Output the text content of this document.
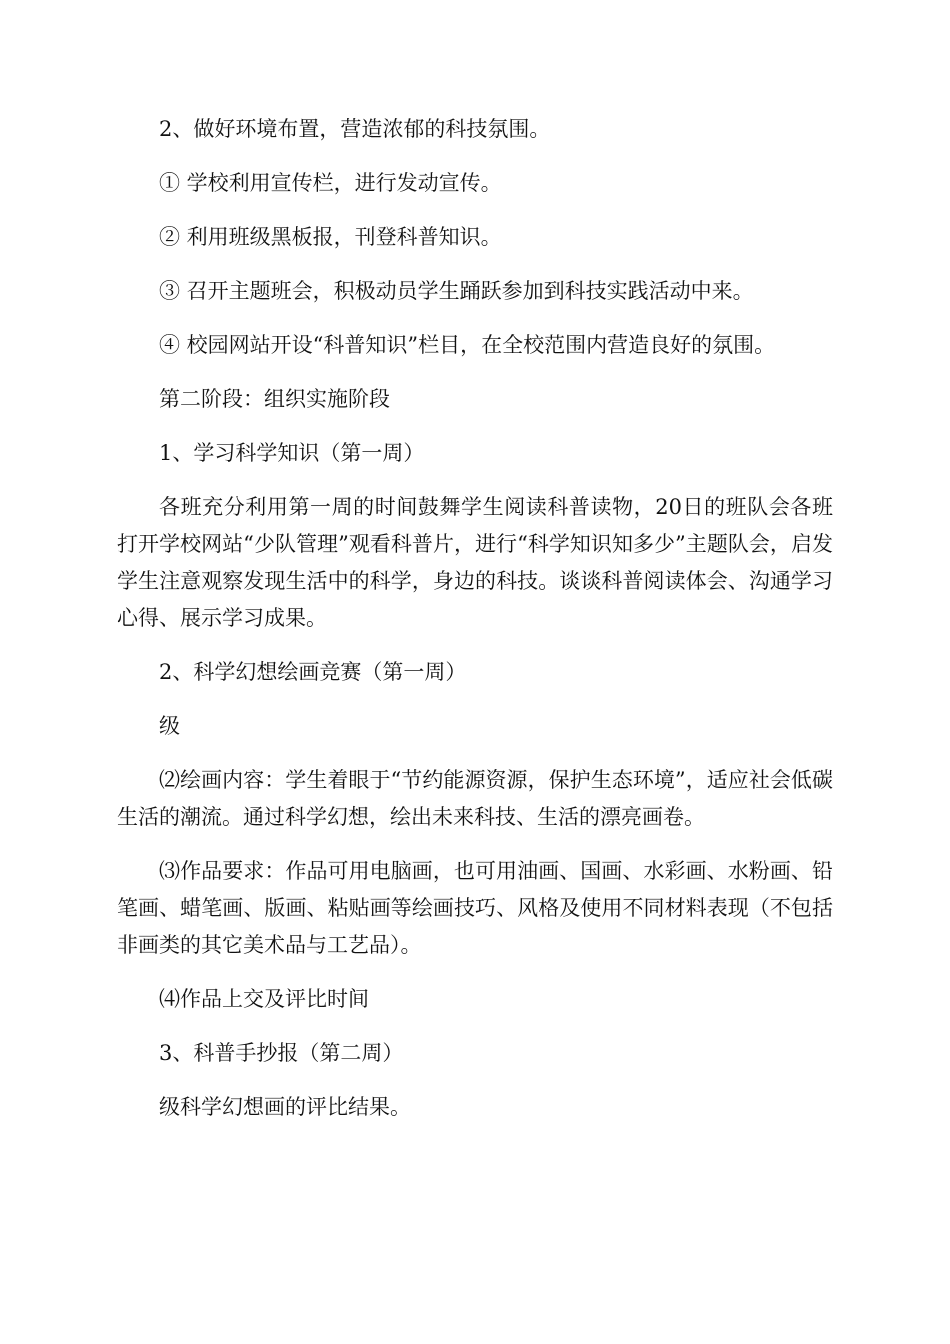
2、做好环境布置，营造浓郁的科技氛围。

① 学校利用宣传栏，进行发动宣传。

② 利用班级黑板报，刊登科普知识。

③ 召开主题班会，积极动员学生踊跃参加到科技实践活动中来。

④ 校园网站开设“科普知识”栏目，在全校范围内营造良好的氛围。

第二阶段：组织实施阶段

1、学习科学知识（第一周）

各班充分利用第一周的时间鼓舞学生阅读科普读物，20日的班队会各班打开学校网站“少队管理”观看科普片，进行“科学知识知多少”主题队会，启发学生注意观察发现生活中的科学，身边的科技。谈谈科普阅读体会、沟通学习心得、展示学习成果。

2、科学幻想绘画竞赛（第一周）

级

⑵绘画内容：学生着眼于“节约能源资源，保护生态环境”，适应社会低碳生活的潮流。通过科学幻想，绘出未来科技、生活的漂亮画卷。

⑶作品要求：作品可用电脑画，也可用油画、国画、水彩画、水粉画、铅笔画、蜡笔画、版画、粘贴画等绘画技巧、风格及使用不同材料表现（不包括非画类的其它美术品与工艺品）。

⑷作品上交及评比时间

3、科普手抄报（第二周）

级科学幻想画的评比结果。
